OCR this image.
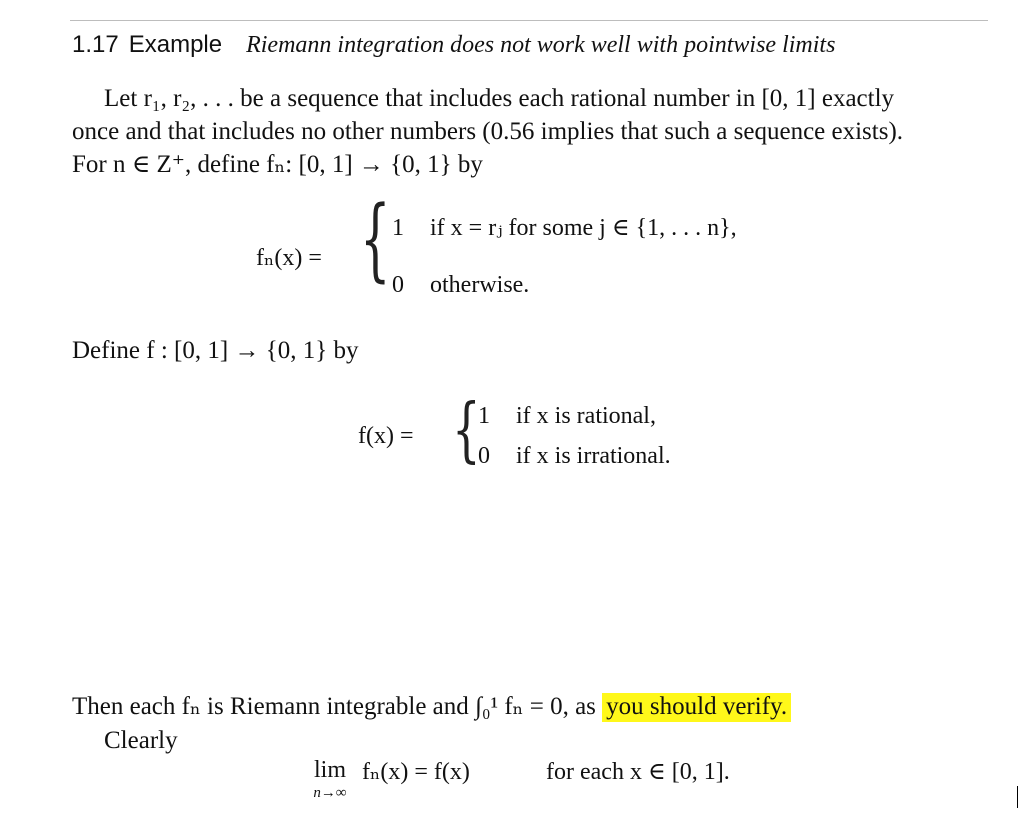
1.17 Example Riemann integration does not work well with pointwise limits
Let r₁, r₂, . . . be a sequence that includes each rational number in [0, 1] exactly
once and that includes no other numbers (0.56 implies that such a sequence exists).
For n ∈ Z⁺, define fₙ: [0, 1] → {0, 1} by
fₙ(x) = { 1 if x = rⱼ for some j ∈ {1, . . . n},
0 otherwise.
Define f : [0, 1] → {0, 1} by
f(x) = {
1 if x is rational,
0 if x is irrational.
Then each fₙ is Riemann integrable and ∫₀¹ fₙ = 0, as you should verify.
Clearly
lim
n→∞
fₙ(x) = f(x)	for each x ∈ [0, 1].
